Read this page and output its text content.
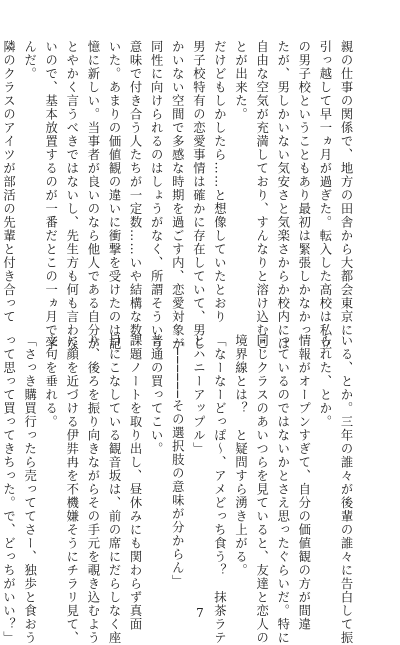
親の仕事の関係で、地方の田舎から大都会東京に
引っ越して早一ヵ月が過ぎた。転入した高校は私立
の男子校ということもあり最初は緊張しかなかっ
たが、男しかいない気安さと気楽さからか校内には
自由な空気が充満しており、すんなりと溶け込むこ
とが出来た。
だけどもしかしたら……と想像していたとおり
男子校特有の恋愛事情は確かに存在していて、男し
かいない空間で多感な時期を過ごす内、恋愛対象が
同性に向けられるのはしょうがなく、所謂そういう
意味で付き合う人たちが一定数……いや結構な数
いた。あまりの価値観の違いに衝撃を受けたのは記
憶に新しい。当事者が良いのなら他人である自分が
とやかく言うべきではないし、先生方も何も言わな
いので、基本放置するのが一番だとこの一ヵ月で学
んだ。
隣のクラスのアイツが部活の先輩と付き合って
いる、とか。三年の誰々が後輩の誰々に告白して振
られた、とか。
情報がオープンすぎて、自分の価値観の方が間違
っているのではないかとさえ思ったぐらいだ。特に
同じクラスのあいつらを見ていると、友達と恋人の
境界線とは？　と疑問すら湧き上がる。
「なーなーどっぽ～、アメどっち食う？　抹茶ラテ
とハニーアップル」
「──────その選択肢の意味が分からん」
普通の買ってこい。
課題ノートを取り出し、昼休みにも関わらず真面
目にこなしている観音坂は、前の席にだらしなく座
り、後ろを振り向きながらその手元を覗き込むよう
に顔を近づける伊弉冉を不機嫌そうにチラリ見て、
文句を垂れる。
「さっき購買行ったら売っててさー、独歩と食おう
って思って買ってきちった。で、どっちがいい？」	7
